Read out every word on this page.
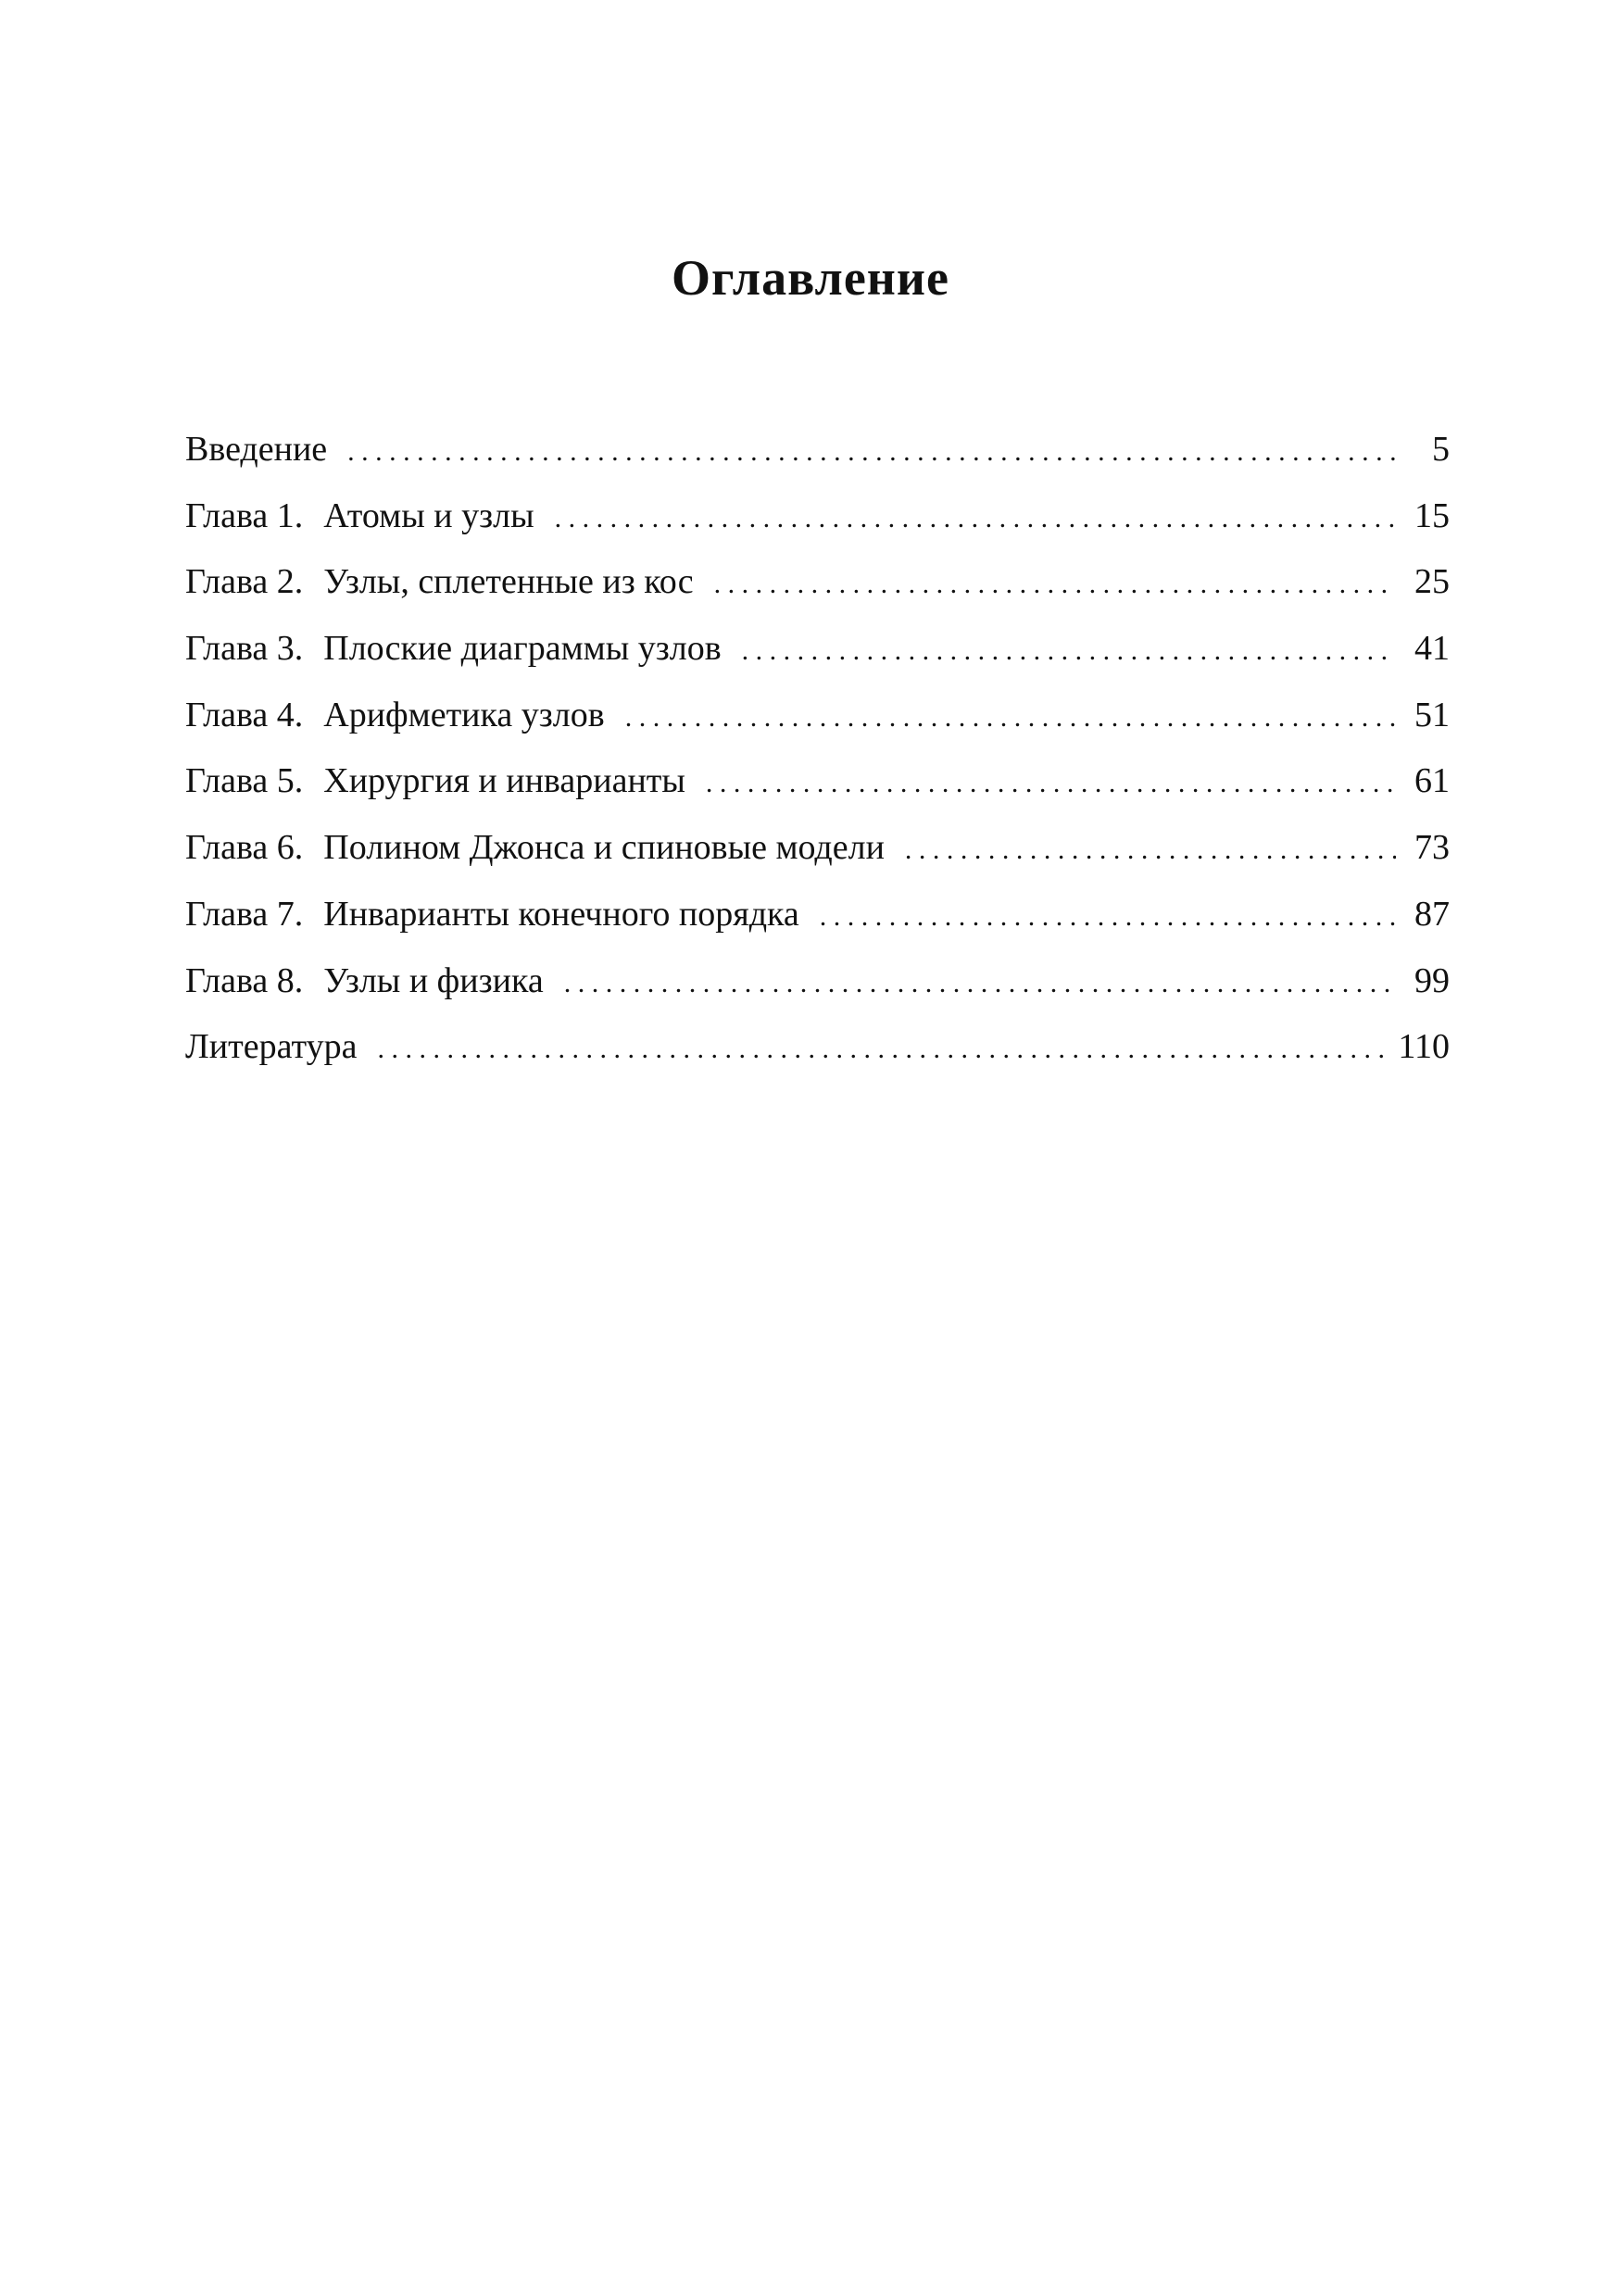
Оглавление
Введение . . .	5
Глава 1. Атомы и узлы . . .	15
Глава 2. Узлы, сплетенные из кос . . .	25
Глава 3. Плоские диаграммы узлов . . .	41
Глава 4. Арифметика узлов . . .	51
Глава 5. Хирургия и инварианты . . .	61
Глава 6. Полином Джонса и спиновые модели . . .	73
Глава 7. Инварианты конечного порядка . . .	87
Глава 8. Узлы и физика . . .	99
Литература . . .	110
